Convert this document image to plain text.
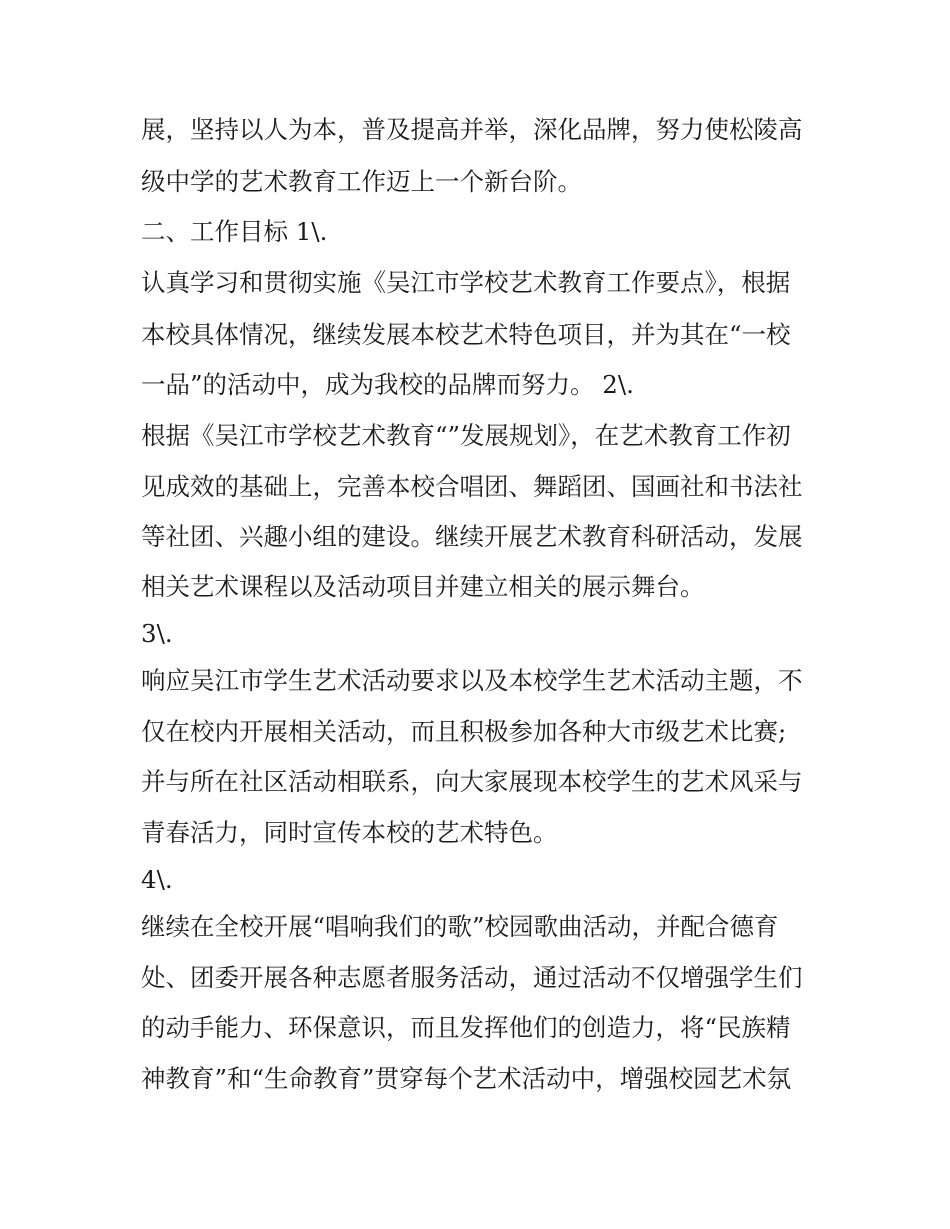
展，坚持以人为本，普及提高并举，深化品牌，努力使松陵高
级中学的艺术教育工作迈上一个新台阶。
二、工作目标 1\.
认真学习和贯彻实施《吴江市学校艺术教育工作要点》，根据
本校具体情况，继续发展本校艺术特色项目，并为其在“一校
一品”的活动中，成为我校的品牌而努力。 2\.
根据《吴江市学校艺术教育“”发展规划》，在艺术教育工作初
见成效的基础上，完善本校合唱团、舞蹈团、国画社和书法社
等社团、兴趣小组的建设。继续开展艺术教育科研活动，发展
相关艺术课程以及活动项目并建立相关的展示舞台。
3\.
响应吴江市学生艺术活动要求以及本校学生艺术活动主题，不
仅在校内开展相关活动，而且积极参加各种大市级艺术比赛;
并与所在社区活动相联系，向大家展现本校学生的艺术风采与
青春活力，同时宣传本校的艺术特色。
4\.
继续在全校开展“唱响我们的歌”校园歌曲活动，并配合德育
处、团委开展各种志愿者服务活动，通过活动不仅增强学生们
的动手能力、环保意识，而且发挥他们的创造力，将“民族精
神教育”和“生命教育”贯穿每个艺术活动中，增强校园艺术氛
